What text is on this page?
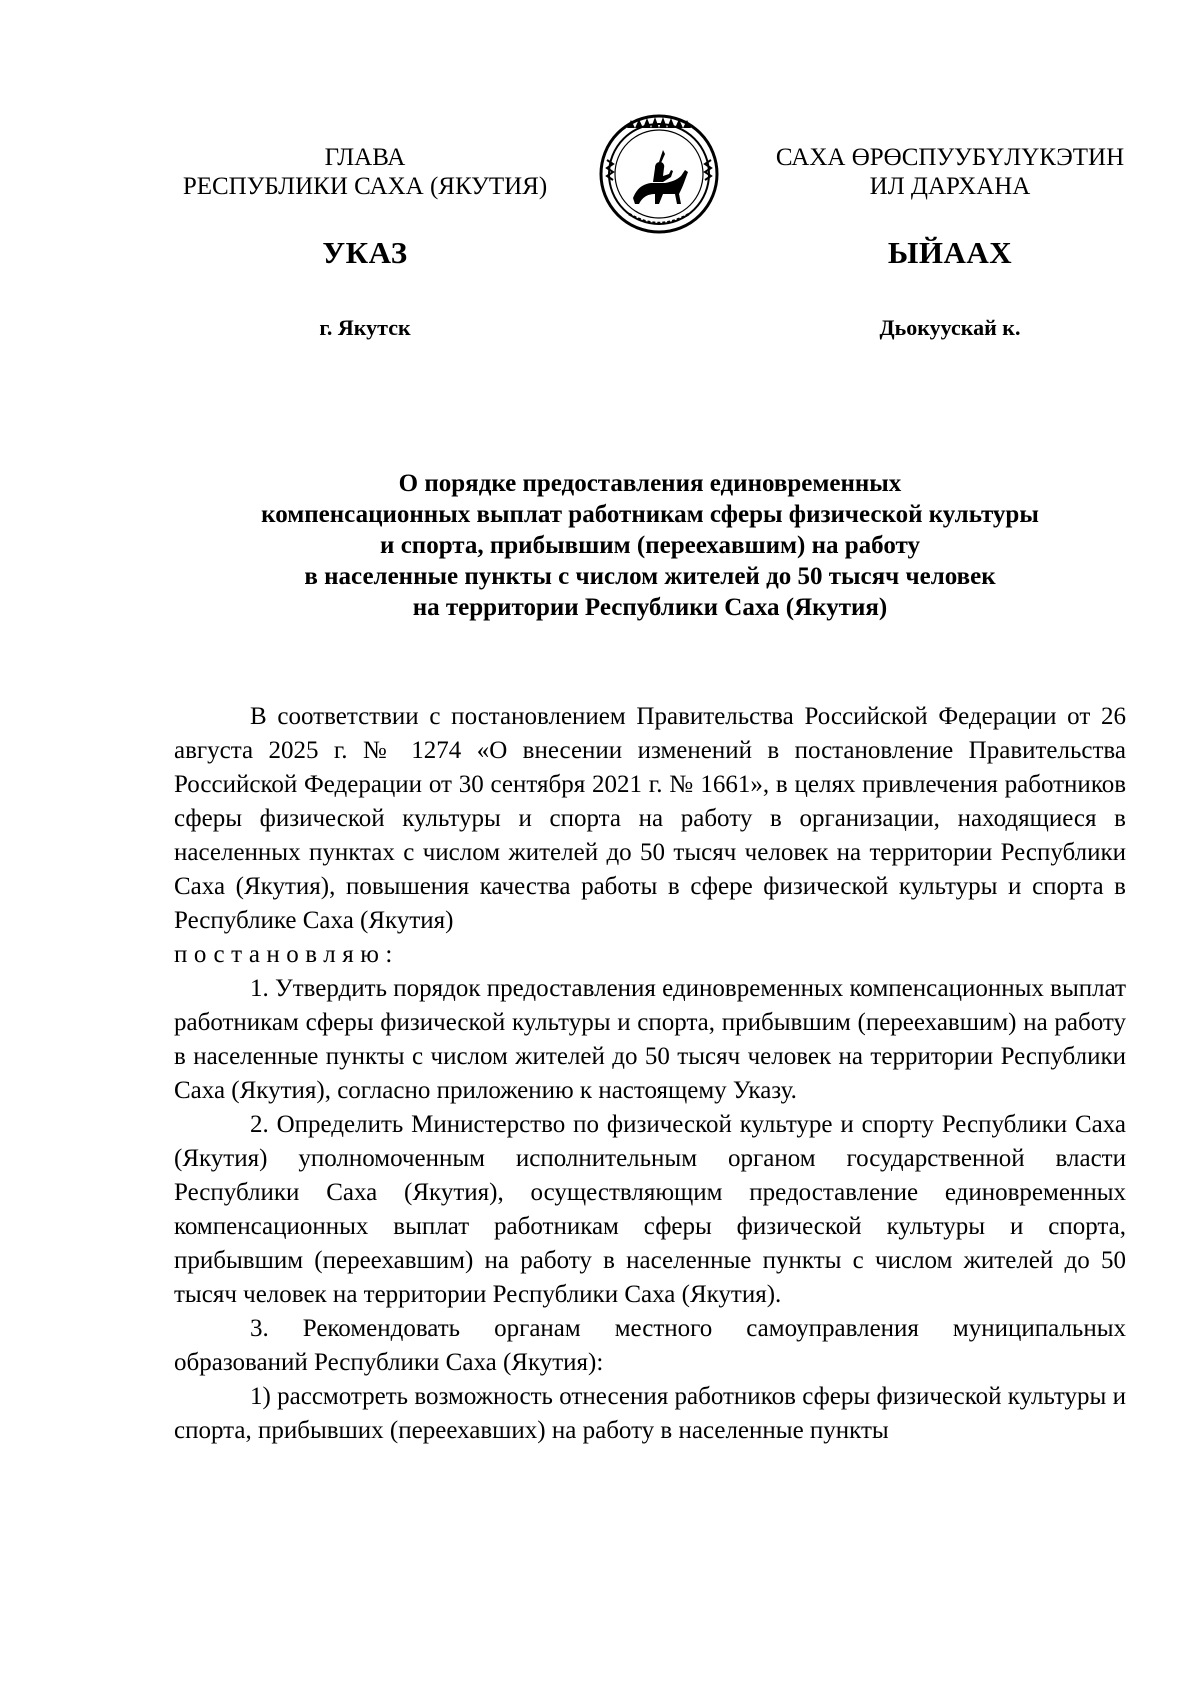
ГЛАВА
РЕСПУБЛИКИ САХА (ЯКУТИЯ)
САХА ӨРӨСПУУБҮЛҮКЭТИН
ИЛ ДАРХАНА
УКАЗ	ЫЙААХ
г. Якутск	Дьокуускай к.
О порядке предоставления единовременных
компенсационных выплат работникам сферы физической культуры
и спорта, прибывшим (переехавшим) на работу
в населенные пункты с числом жителей до 50 тысяч человек
на территории Республики Саха (Якутия)

В соответствии с постановлением Правительства Российской Федерации от 26 августа 2025 г. № 1274 «О внесении изменений в постановление Правительства Российской Федерации от 30 сентября 2021 г. № 1661», в целях привлечения работников сферы физической культуры и спорта на работу в организации, находящиеся в населенных пунктах с числом жителей до 50 тысяч человек на территории Республики Саха (Якутия), повышения качества работы в сфере физической культуры и спорта в Республике Саха (Якутия)

постановляю:

1. Утвердить порядок предоставления единовременных компенсационных выплат работникам сферы физической культуры и спорта, прибывшим (переехавшим) на работу в населенные пункты с числом жителей до 50 тысяч человек на территории Республики Саха (Якутия), согласно приложению к настоящему Указу.

2. Определить Министерство по физической культуре и спорту Республики Саха (Якутия) уполномоченным исполнительным органом государственной власти Республики Саха (Якутия), осуществляющим предоставление единовременных компенсационных выплат работникам сферы физической культуры и спорта, прибывшим (переехавшим) на работу в населенные пункты с числом жителей до 50 тысяч человек на территории Республики Саха (Якутия).

3. Рекомендовать органам местного самоуправления муниципальных образований Республики Саха (Якутия):

1) рассмотреть возможность отнесения работников сферы физической культуры и спорта, прибывших (переехавших) на работу в населенные пункты
